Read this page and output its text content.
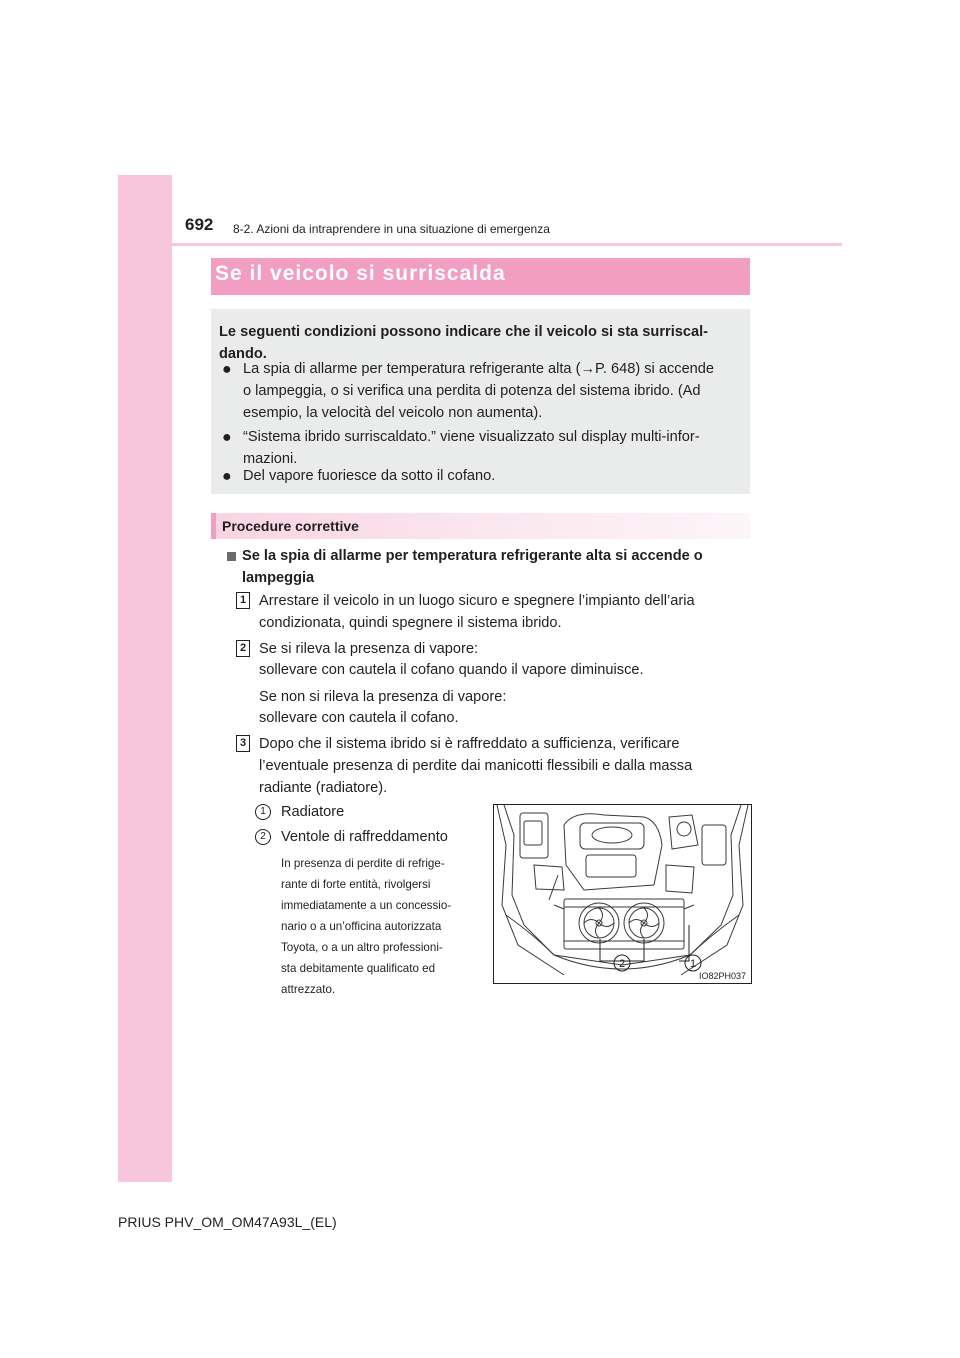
692 8-2. Azioni da intraprendere in una situazione di emergenza
Se il veicolo si surriscalda
Le seguenti condizioni possono indicare che il veicolo si sta surriscal-
dando.
● La spia di allarme per temperatura refrigerante alta (→P. 648) si accende
o lampeggia, o si verifica una perdita di potenza del sistema ibrido. (Ad
esempio, la velocità del veicolo non aumenta).
● “Sistema ibrido surriscaldato.” viene visualizzato sul display multi-infor-
mazioni.
● Del vapore fuoriesce da sotto il cofano.
Procedure correttive
Se la spia di allarme per temperatura refrigerante alta si accende o
lampeggia
1 Arrestare il veicolo in un luogo sicuro e spegnere l’impianto dell’aria
condizionata, quindi spegnere il sistema ibrido.
2 Se si rileva la presenza di vapore:
sollevare con cautela il cofano quando il vapore diminuisce.
Se non si rileva la presenza di vapore:
sollevare con cautela il cofano.
3 Dopo che il sistema ibrido si è raffreddato a sufficienza, verificare
l’eventuale presenza di perdite dai manicotti flessibili e dalla massa
radiante (radiatore).
1	Radiatore
2	Ventole di raffreddamento
In presenza di perdite di refrige-
rante di forte entità, rivolgersi
immediatamente a un concessio-
nario o a un’officina autorizzata
Toyota, o a un altro professioni-
sta debitamente qualificato ed
attrezzato.
2	1
IO82PH037
PRIUS PHV_OM_OM47A93L_(EL)
